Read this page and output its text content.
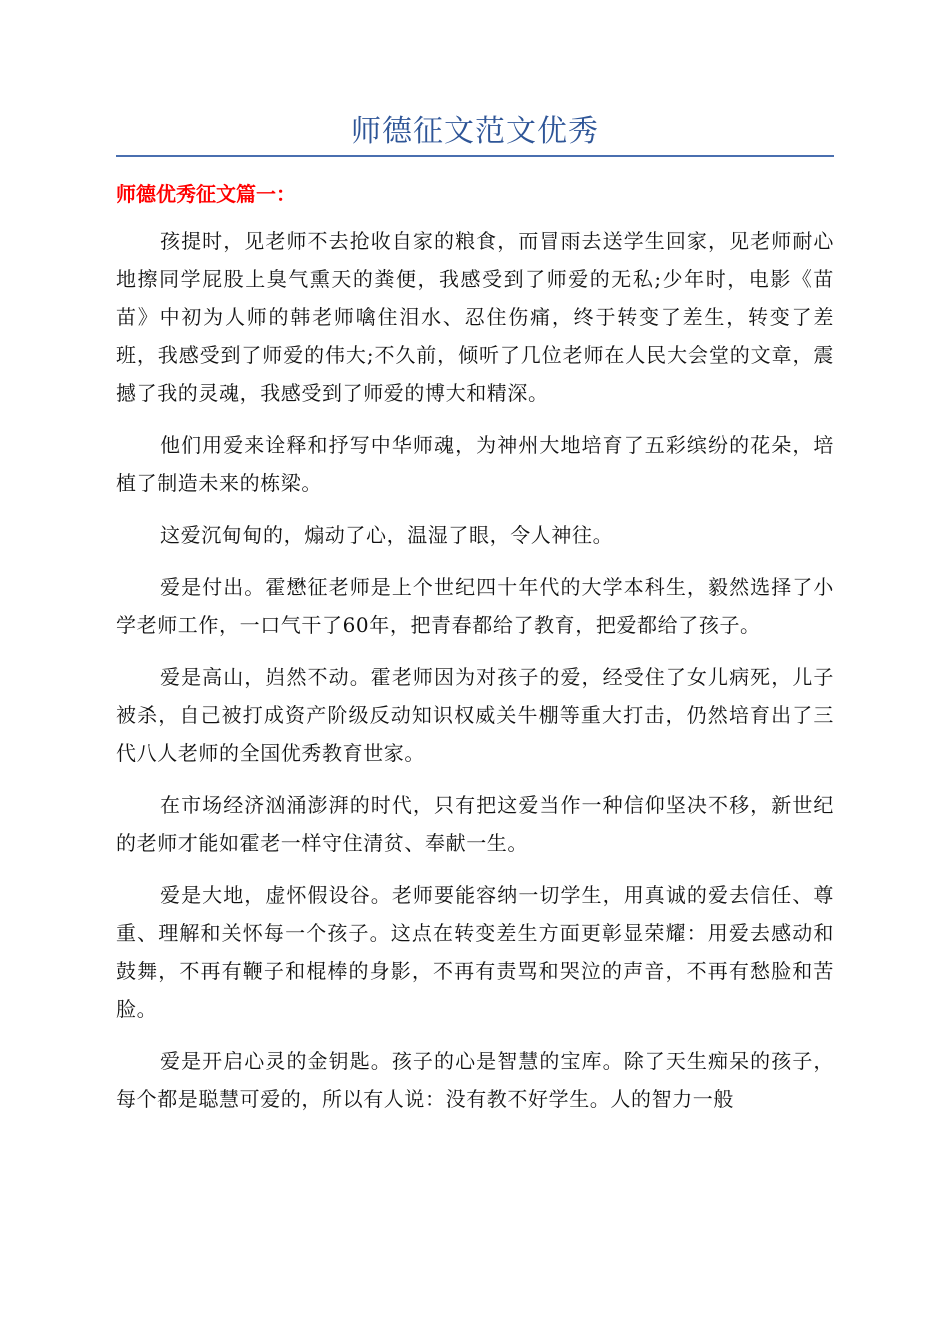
师德征文范文优秀
师德优秀征文篇一：

孩提时，见老师不去抢收自家的粮食，而冒雨去送学生回家，见老师耐心地擦同学屁股上臭气熏天的粪便，我感受到了师爱的无私;少年时，电影《苗苗》中初为人师的韩老师噙住泪水、忍住伤痛，终于转变了差生，转变了差班，我感受到了师爱的伟大;不久前，倾听了几位老师在人民大会堂的文章，震撼了我的灵魂，我感受到了师爱的博大和精深。

他们用爱来诠释和抒写中华师魂，为神州大地培育了五彩缤纷的花朵，培植了制造未来的栋梁。

这爱沉甸甸的，煽动了心，温湿了眼，令人神往。

爱是付出。霍懋征老师是上个世纪四十年代的大学本科生，毅然选择了小学老师工作，一口气干了60年，把青春都给了教育，把爱都给了孩子。

爱是高山，岿然不动。霍老师因为对孩子的爱，经受住了女儿病死，儿子被杀，自己被打成资产阶级反动知识权威关牛棚等重大打击，仍然培育出了三代八人老师的全国优秀教育世家。

在市场经济汹涌澎湃的时代，只有把这爱当作一种信仰坚决不移，新世纪的老师才能如霍老一样守住清贫、奉献一生。

爱是大地，虚怀假设谷。老师要能容纳一切学生，用真诚的爱去信任、尊重、理解和关怀每一个孩子。这点在转变差生方面更彰显荣耀：用爱去感动和鼓舞，不再有鞭子和棍棒的身影，不再有责骂和哭泣的声音，不再有愁脸和苦脸。

爱是开启心灵的金钥匙。孩子的心是智慧的宝库。除了天生痴呆的孩子，每个都是聪慧可爱的，所以有人说：没有教不好学生。人的智力一般
